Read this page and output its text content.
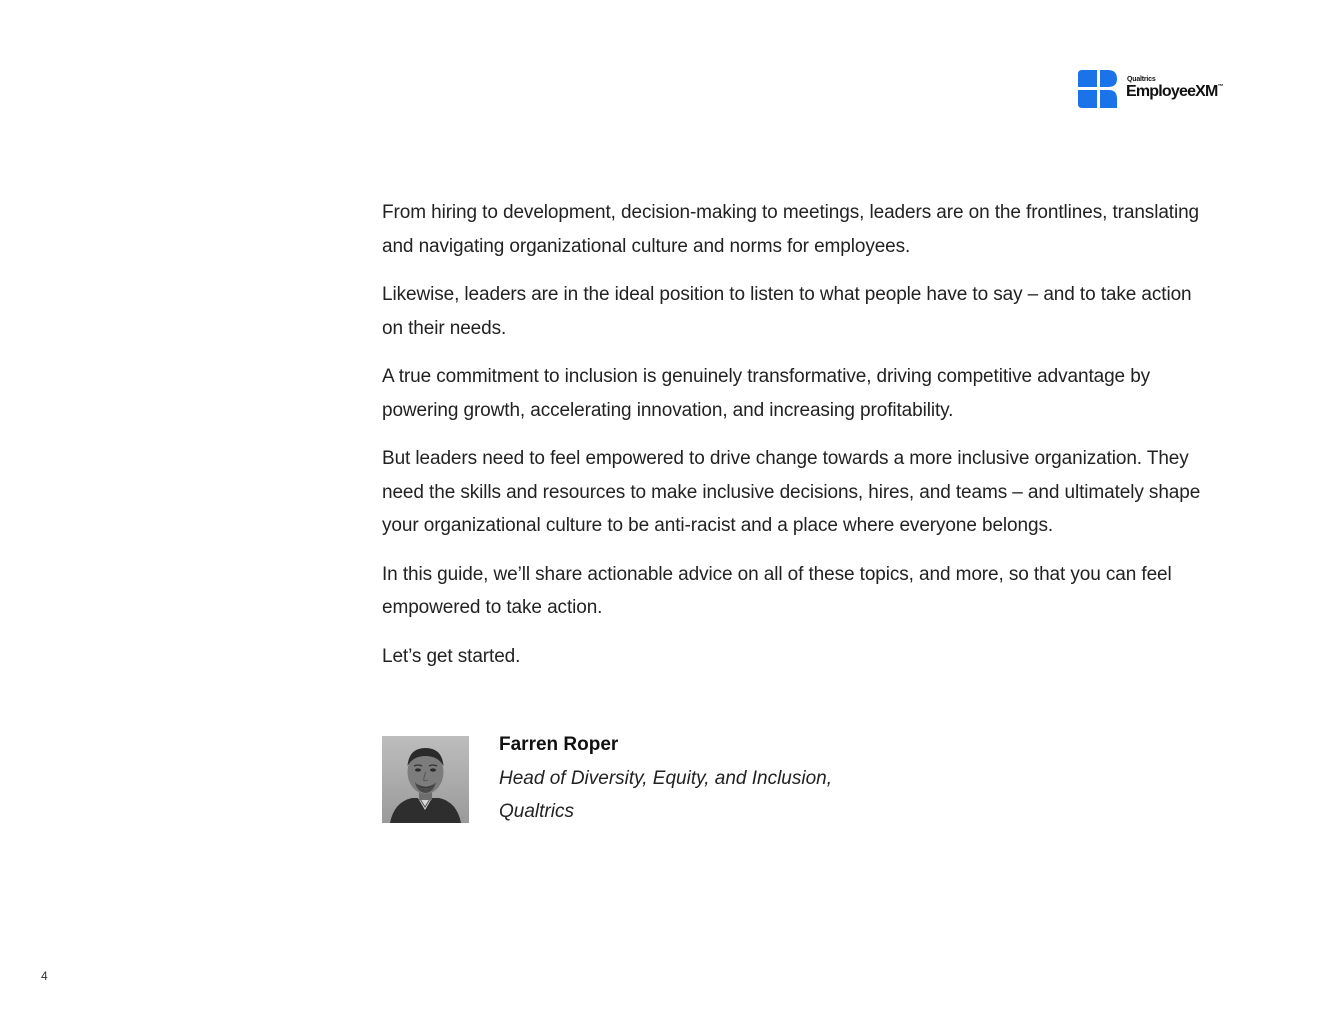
Qualtrics
EmployeeXM™

From hiring to development, decision-making to meetings, leaders are on the frontlines, translating and navigating organizational culture and norms for employees.

Likewise, leaders are in the ideal position to listen to what people have to say – and to take action on their needs.

A true commitment to inclusion is genuinely transformative, driving competitive advantage by powering growth, accelerating innovation, and increasing profitability.

But leaders need to feel empowered to drive change towards a more inclusive organization. They need the skills and resources to make inclusive decisions, hires, and teams – and ultimately shape your organizational culture to be anti-racist and a place where everyone belongs.

In this guide, we’ll share actionable advice on all of these topics, and more, so that you can feel empowered to take action.

Let’s get started.

Farren Roper
Head of Diversity, Equity, and Inclusion, Qualtrics
4
